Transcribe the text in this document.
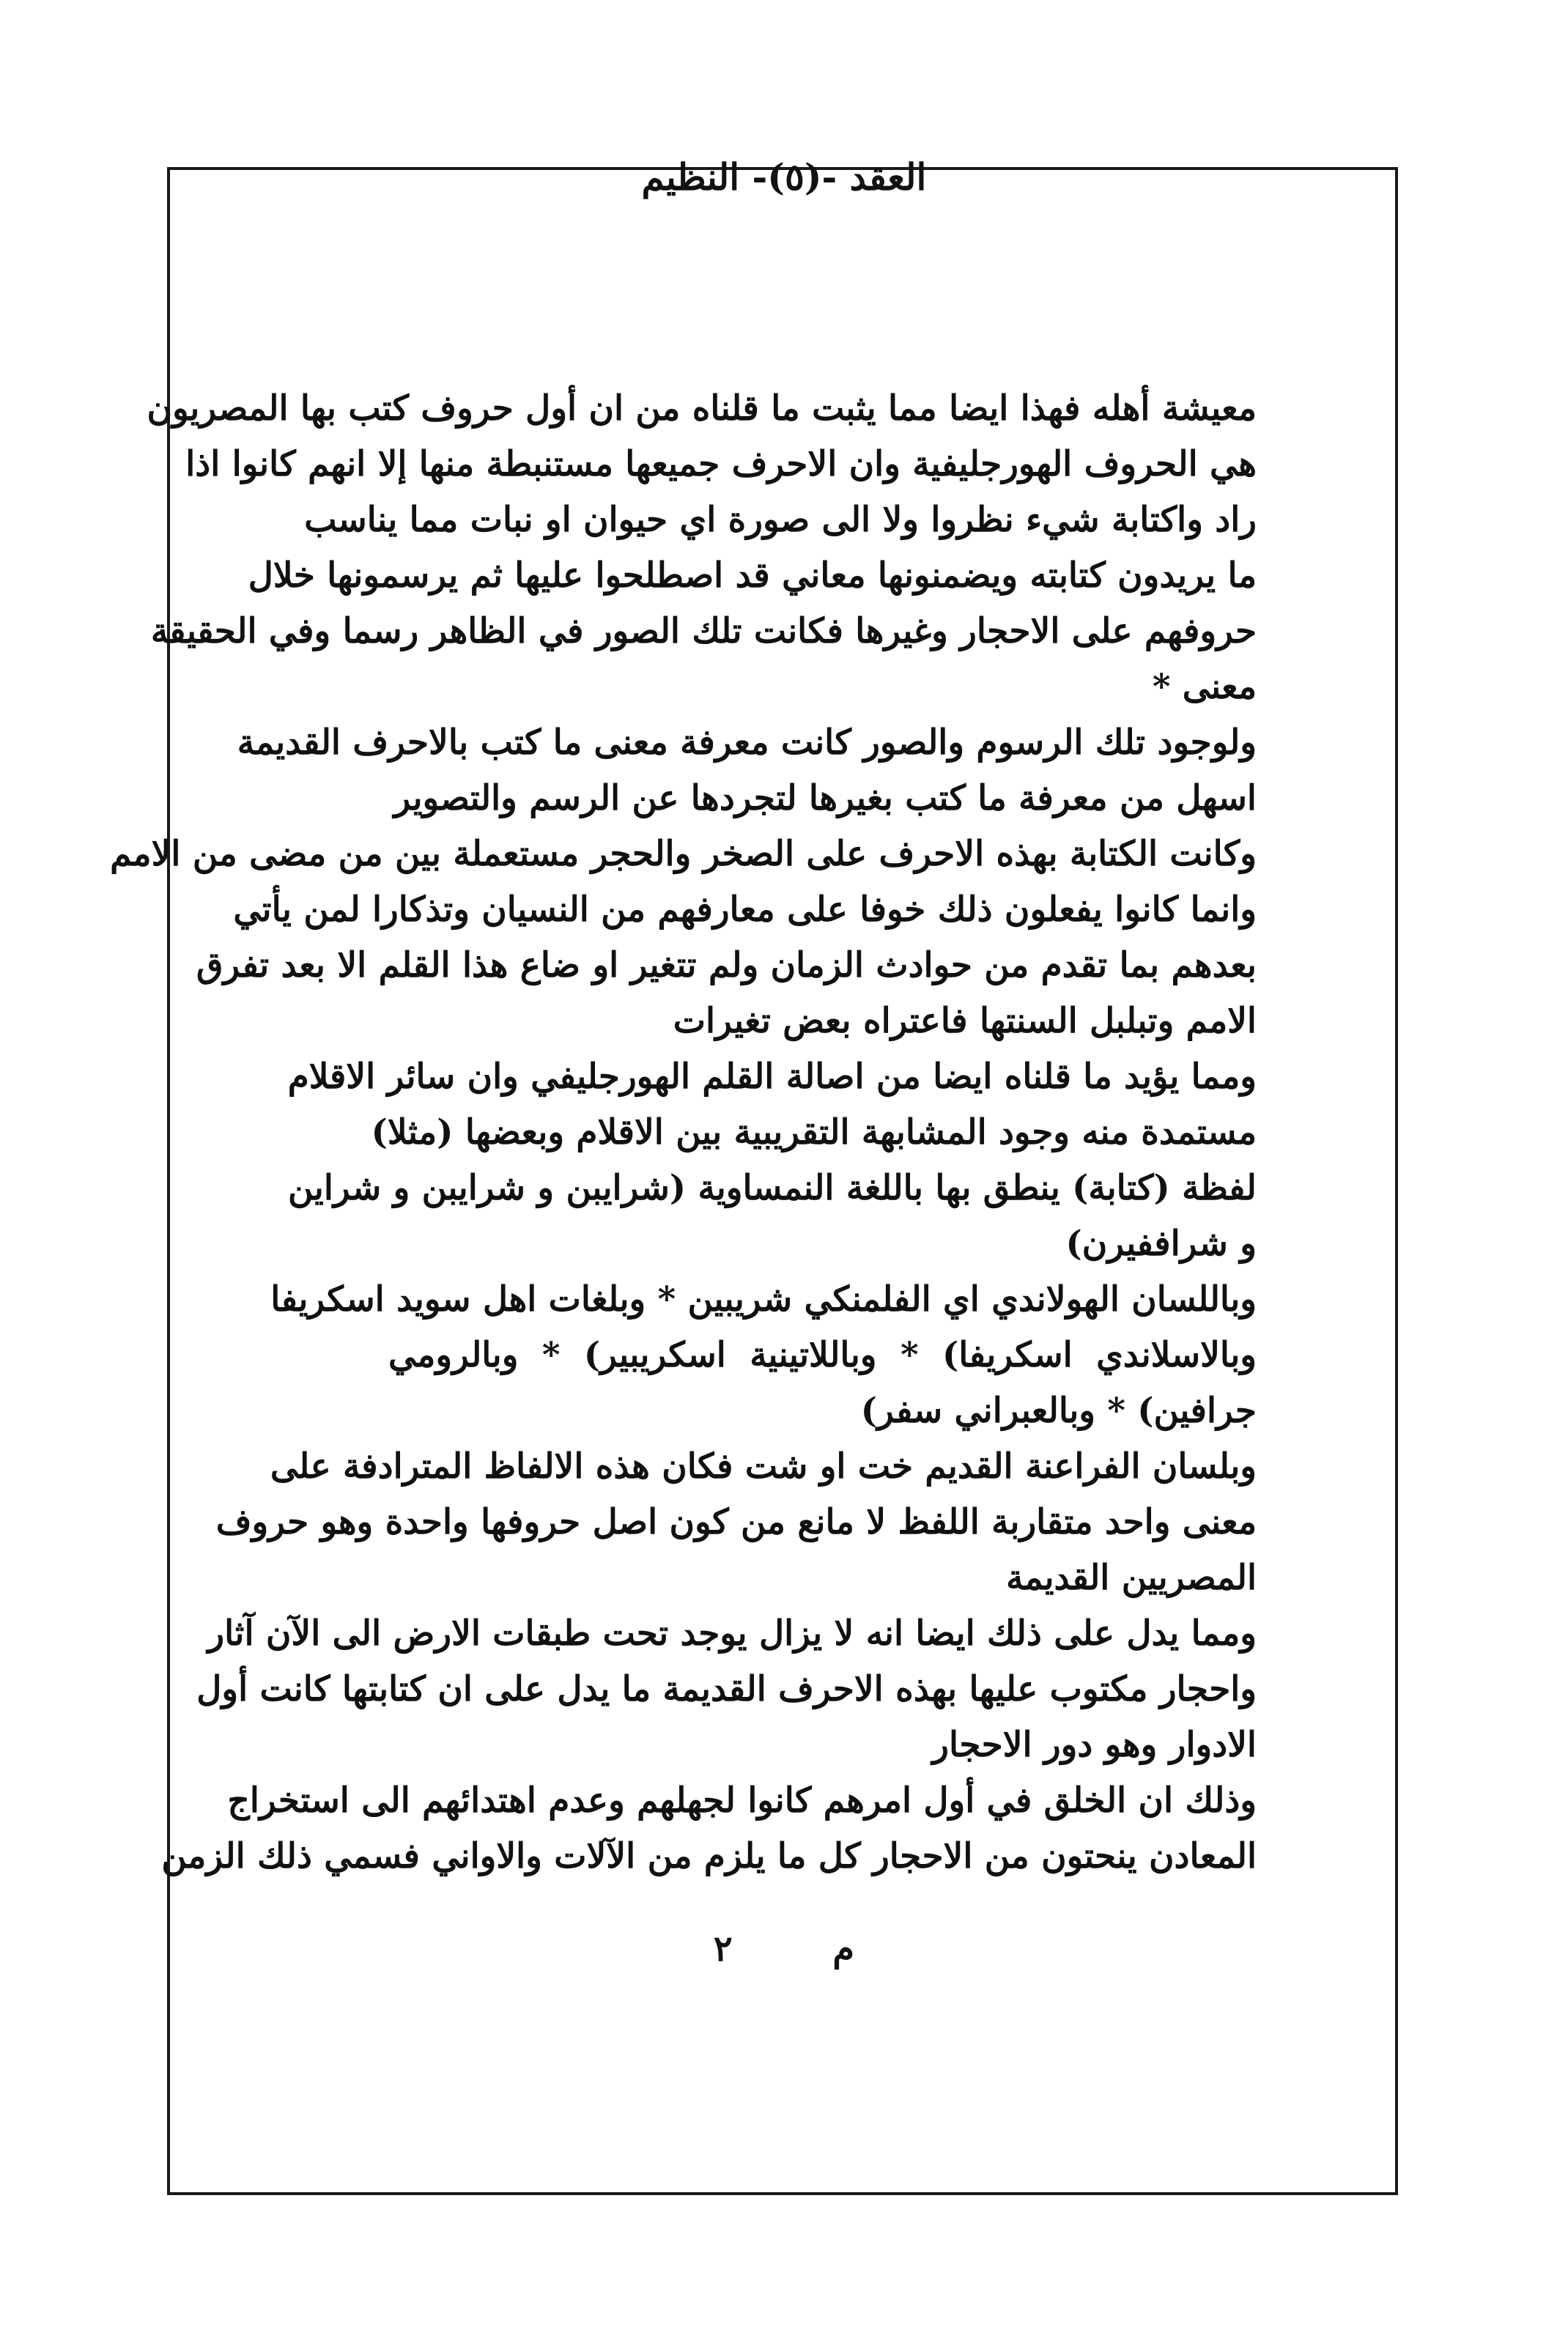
العقد -(٥)- النظيم
معيشة أهله فهذا ايضا مما يثبت ما قلناه من ان أول حروف كتب بها المصريون
هي الحروف الهورجليفية وان الاحرف جميعها مستنبطة منها إلا انهم كانوا اذا
راد واكتابة شيء نظروا ولا الى صورة اي حيوان او نبات مما يناسب
ما يريدون كتابته ويضمنونها معاني قد اصطلحوا عليها ثم يرسمونها خلال
حروفهم على الاحجار وغيرها فكانت تلك الصور في الظاهر رسما وفي الحقيقة
معنى *
ولوجود تلك الرسوم والصور كانت معرفة معنى ما كتب بالاحرف القديمة
اسهل من معرفة ما كتب بغيرها لتجردها عن الرسم والتصوير
وكانت الكتابة بهذه الاحرف على الصخر والحجر مستعملة بين من مضى من الامم
وانما كانوا يفعلون ذلك خوفا على معارفهم من النسيان وتذكارا لمن يأتي
بعدهم بما تقدم من حوادث الزمان ولم تتغير او ضاع هذا القلم الا بعد تفرق
الامم وتبلبل السنتها فاعتراه بعض تغيرات
ومما يؤيد ما قلناه ايضا من اصالة القلم الهورجليفي وان سائر الاقلام
مستمدة منه وجود المشابهة التقريبية بين الاقلام وبعضها (مثلا)
لفظة (كتابة) ينطق بها باللغة النمساوية (شرايبن و شرايبن و شراين
و شراففيرن)
وباللسان الهولاندي اي الفلمنكي شريبين * وبلغات اهل سويد اسكريفا
وبالاسلاندي اسكريفا) * وباللاتينية اسكريبير) * وبالرومي
جرافين) * وبالعبراني سفر)
وبلسان الفراعنة القديم خت او شت فكان هذه الالفاظ المترادفة على
معنى واحد متقاربة اللفظ لا مانع من كون اصل حروفها واحدة وهو حروف
المصريين القديمة
ومما يدل على ذلك ايضا انه لا يزال يوجد تحت طبقات الارض الى الآن آثار
واحجار مكتوب عليها بهذه الاحرف القديمة ما يدل على ان كتابتها كانت أول
الادوار وهو دور الاحجار
وذلك ان الخلق في أول امرهم كانوا لجهلهم وعدم اهتدائهم الى استخراج
المعادن ينحتون من الاحجار كل ما يلزم من الآلات والاواني فسمي ذلك الزمن
م ٢
